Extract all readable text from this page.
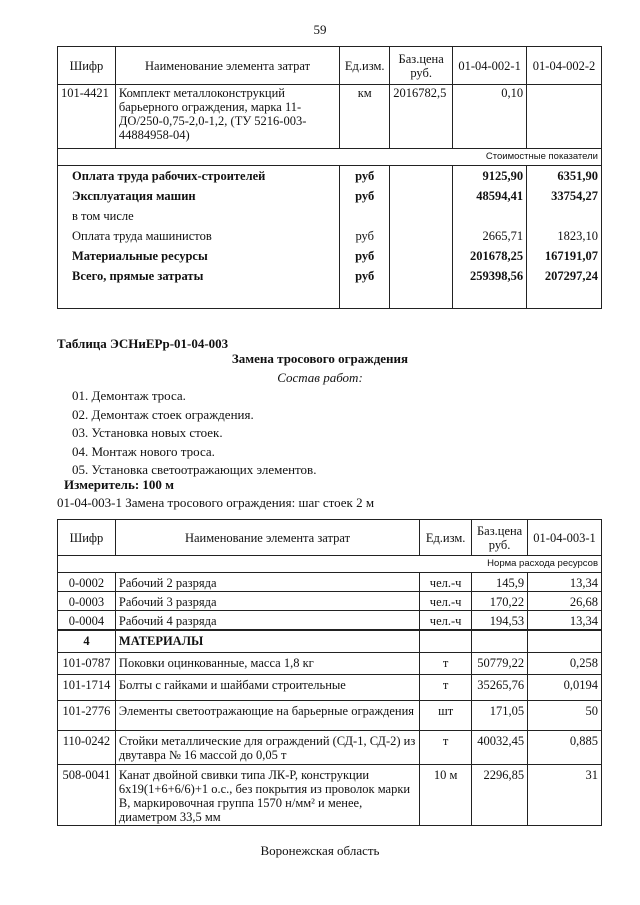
59
Шифр	Наименование элемента затрат	Ед.изм.	Баз.цена руб.	01-04-002-1	01-04-002-2
101-4421	Комплект металлоконструкций барьерного ограждения, марка 11-ДО/250-0,75-2,0-1,2, (ТУ 5216-003-44884958-04)	км	2016782,5	0,10	
Стоимостные показатели					
Оплата труда рабочих-строителей		руб		9125,90	6351,90
Эксплуатация машин		руб		48594,41	33754,27
в том числе					
Оплата труда машинистов		руб		2665,71	1823,10
Материальные ресурсы		руб		201678,25	167191,07
Всего, прямые затраты		руб		259398,56	207297,24

Таблица ЭСНиЕРр-01-04-003
Замена тросового ограждения
Состав работ:
01. Демонтаж троса.
02. Демонтаж стоек ограждения.
03. Установка новых стоек.
04. Монтаж нового троса.
05. Установка светоотражающих элементов.
Измеритель: 100 м
01-04-003-1 Замена тросового ограждения: шаг стоек 2 м
Шифр	Наименование элемента затрат	Ед.изм.	Баз.цена руб.	01-04-003-1
Норма расхода ресурсов				
0-0002	Рабочий 2 разряда	чел.-ч	145,9	13,34
0-0003	Рабочий 3 разряда	чел.-ч	170,22	26,68
0-0004	Рабочий 4 разряда	чел.-ч	194,53	13,34
4	МАТЕРИАЛЫ			
101-0787	Поковки оцинкованные, масса 1,8 кг	т	50779,22	0,258
101-1714	Болты с гайками и шайбами строительные	т	35265,76	0,0194
101-2776	Элементы светоотражающие на барьерные ограждения	шт	171,05	50
110-0242	Стойки металлические для ограждений (СД-1, СД-2) из двутавра № 16 массой до 0,05 т	т	40032,45	0,885
508-0041	Канат двойной свивки типа ЛК-Р, конструкции 6х19(1+6+6/6)+1 о.с., без покрытия из проволок марки В, маркировочная группа 1570 н/мм² и менее, диаметром 33,5 мм	10 м	2296,85	31
Воронежская область
